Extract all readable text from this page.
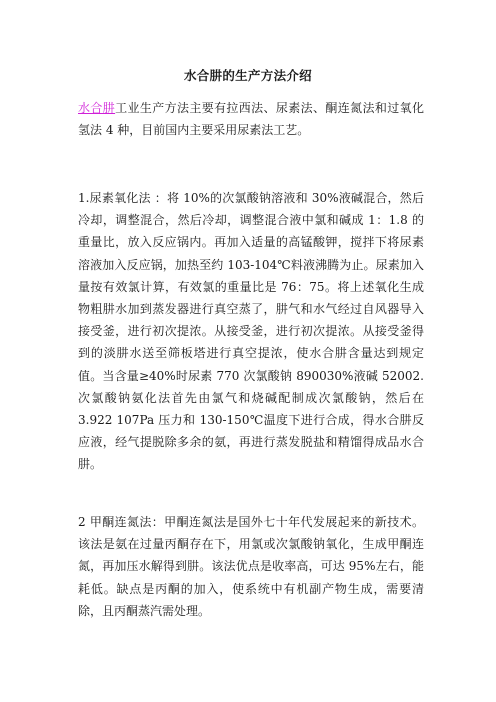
水合肼的生产方法介绍

水合肼工业生产方法主要有拉西法、尿素法、酮连氮法和过氧化氢法 4 种，目前国内主要采用尿素法工艺。

1.尿素氧化法 ：将 10%的次氯酸钠溶液和 30%液碱混合，然后冷却，调整混合，然后冷却，调整混合液中氯和碱成 1：1.8 的重量比，放入反应锅内。再加入适量的高锰酸钾，搅拌下将尿素溶液加入反应锅，加热至约 103-104℃料液沸腾为止。尿素加入量按有效氯计算，有效氯的重量比是 76：75。将上述氧化生成物粗肼水加到蒸发器进行真空蒸了，肼气和水气经过自风器导入接受釜，进行初次提浓。从接受釜，进行初次提浓。从接受釜得到的淡肼水送至筛板塔进行真空提浓，使水合肼含量达到规定值。当含量≥40%时尿素 770 次氯酸钠 890030%液碱 52002.次氯酸钠氨化法首先由氯气和烧碱配制成次氯酸钠，然后在 3.922 107Pa 压力和 130-150℃温度下进行合成，得水合肼反应液，经气提脱除多余的氨，再进行蒸发脱盐和精馏得成品水合肼。

2 甲酮连氮法：甲酮连氮法是国外七十年代发展起来的新技术。该法是氨在过量丙酮存在下，用氯或次氯酸钠氧化，生成甲酮连氮，再加压水解得到肼。该法优点是收率高，可达 95%左右，能耗低。缺点是丙酮的加入，使系统中有机副产物生成，需要清除，且丙酮蒸汽需处理。
